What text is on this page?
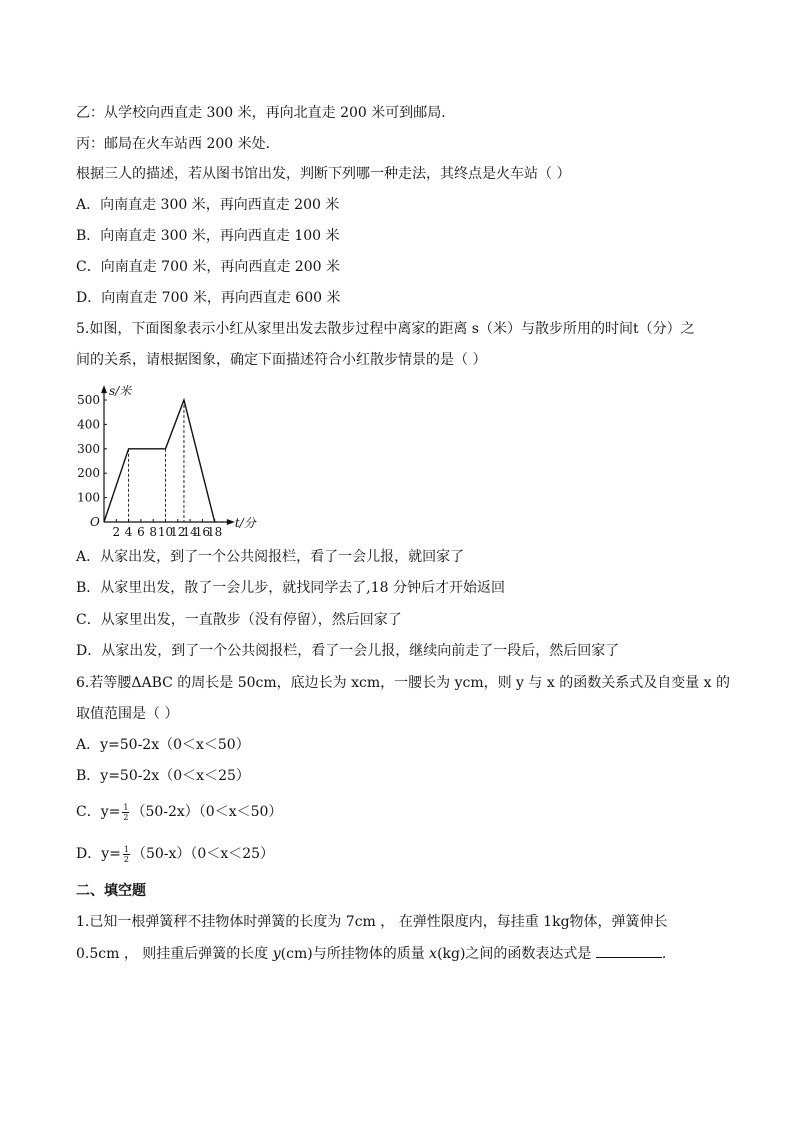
乙：从学校向西直走 300 米，再向北直走 200 米可到邮局．
丙：邮局在火车站西 200 米处．
根据三人的描述，若从图书馆出发，判断下列哪一种走法，其终点是火车站（ ）
A．向南直走 300 米，再向西直走 200 米
B．向南直走 300 米，再向西直走 100 米
C．向南直走 700 米，再向西直走 200 米
D．向南直走 700 米，再向西直走 600 米
5.如图，下面图象表示小红从家里出发去散步过程中离家的距离 s（米）与散步所用的时间t（分）之
间的关系，请根据图象，确定下面描述符合小红散步情景的是（ ）
2 4 6 8 10
12
14
16
18
100
200
300
400
500
s/米
t/分
O
A．从家出发，到了一个公共阅报栏，看了一会儿报，就回家了
B．从家里出发，散了一会儿步，就找同学去了,18 分钟后才开始返回
C．从家里出发，一直散步（没有停留），然后回家了
D．从家出发，到了一个公共阅报栏，看了一会儿报，继续向前走了一段后，然后回家了
6.若等腰ΔABC 的周长是 50cm，底边长为 xcm，一腰长为 ycm，则 y 与 x 的函数关系式及自变量 x 的
取值范围是（ ）
A．y=50-2x（0＜x＜50）
B．y=50-2x（0＜x＜25）
C．$y= \frac{1}{2} (50-2x)(0<x<50)$
D．$y= \frac{1}{2} (50-x)(0<x<25)$
二、填空题
1.已知一根弹簧秤不挂物体时弹簧的长度为 7cm ， 在弹性限度内，每挂重 1kg物体，弹簧伸长
0.5cm ， 则挂重后弹簧的长度 y(cm)与所挂物体的质量 x(kg)之间的函数表达式是	.
